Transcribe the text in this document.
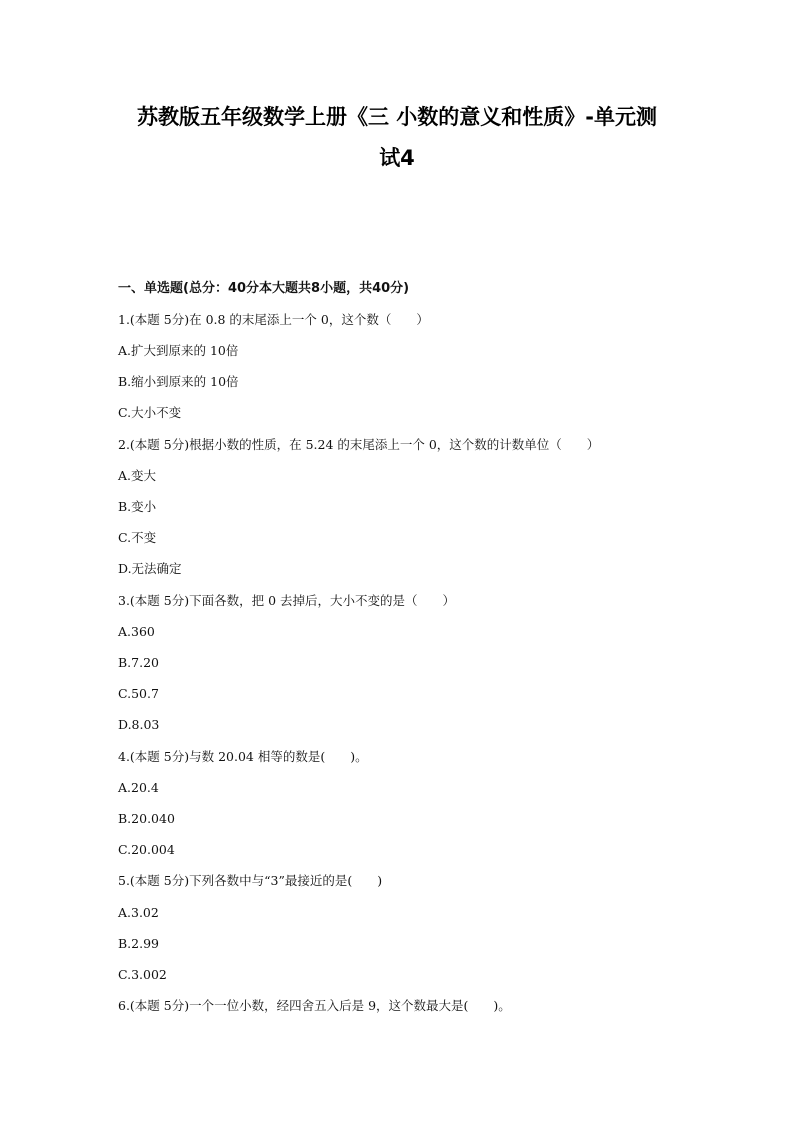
苏教版五年级数学上册《三 小数的意义和性质》-单元测
试4
一、单选题(总分：40分本大题共8小题，共40分)
1.(本题 5分)在 0.8 的末尾添上一个 0，这个数（　　）
A.扩大到原来的 10倍
B.缩小到原来的 10倍
C.大小不变
2.(本题 5分)根据小数的性质，在 5.24 的末尾添上一个 0，这个数的计数单位（　　）
A.变大
B.变小
C.不变
D.无法确定
3.(本题 5分)下面各数，把 0 去掉后，大小不变的是（　　）
A.360
B.7.20
C.50.7
D.8.03
4.(本题 5分)与数 20.04 相等的数是(　　)。
A.20.4
B.20.040
C.20.004
5.(本题 5分)下列各数中与“3”最接近的是(　　)
A.3.02
B.2.99
C.3.002
6.(本题 5分)一个一位小数，经四舍五入后是 9，这个数最大是(　　)。
